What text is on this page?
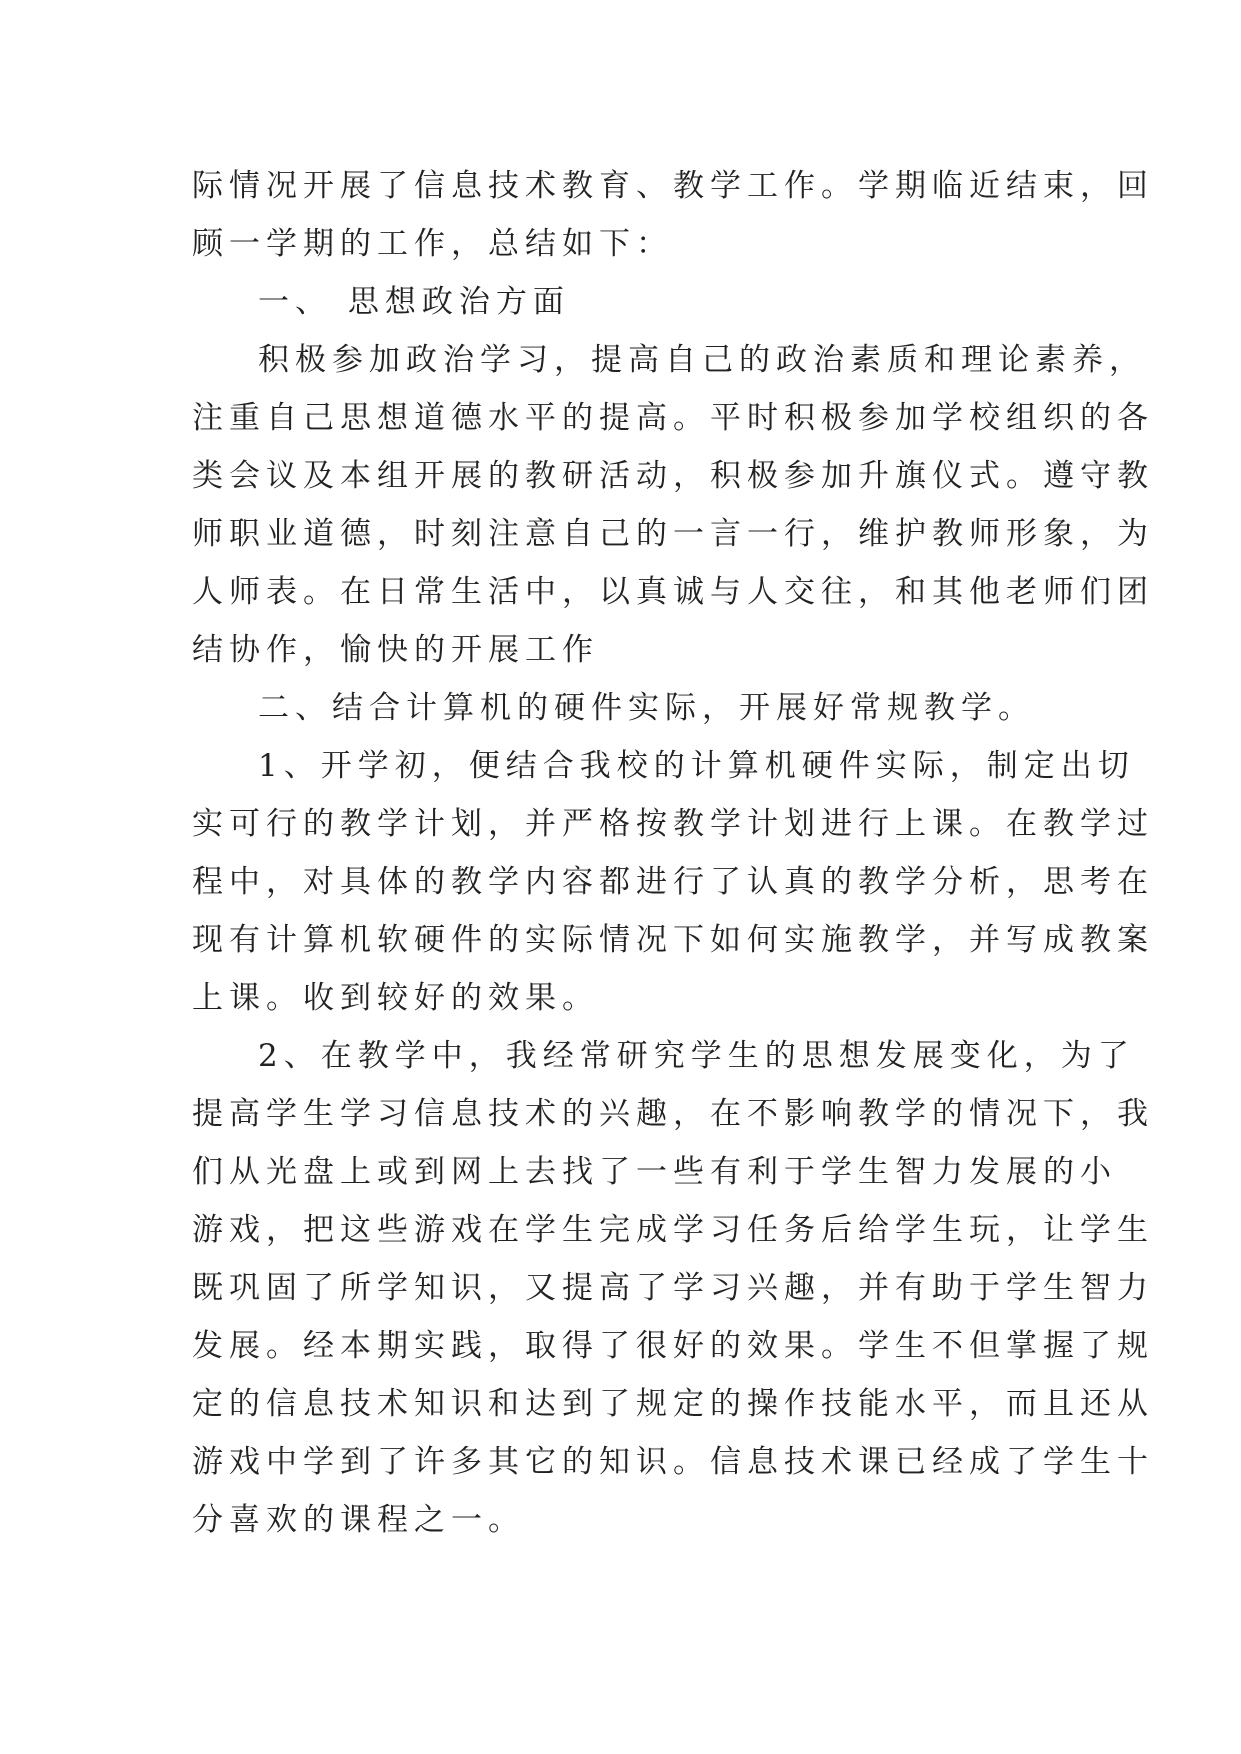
际情况开展了信息技术教育、教学工作。学期临近结束，回
顾一学期的工作，总结如下：
一、 思想政治方面
积极参加政治学习，提高自己的政治素质和理论素养，
注重自己思想道德水平的提高。平时积极参加学校组织的各
类会议及本组开展的教研活动，积极参加升旗仪式。遵守教
师职业道德，时刻注意自己的一言一行，维护教师形象，为
人师表。在日常生活中，以真诚与人交往，和其他老师们团
结协作，愉快的开展工作
二、结合计算机的硬件实际，开展好常规教学。
1、开学初，便结合我校的计算机硬件实际，制定出切
实可行的教学计划，并严格按教学计划进行上课。在教学过
程中，对具体的教学内容都进行了认真的教学分析，思考在
现有计算机软硬件的实际情况下如何实施教学，并写成教案
上课。收到较好的效果。
2、在教学中，我经常研究学生的思想发展变化，为了
提高学生学习信息技术的兴趣，在不影响教学的情况下，我
们从光盘上或到网上去找了一些有利于学生智力发展的小
游戏，把这些游戏在学生完成学习任务后给学生玩，让学生
既巩固了所学知识，又提高了学习兴趣，并有助于学生智力
发展。经本期实践，取得了很好的效果。学生不但掌握了规
定的信息技术知识和达到了规定的操作技能水平，而且还从
游戏中学到了许多其它的知识。信息技术课已经成了学生十
分喜欢的课程之一。
